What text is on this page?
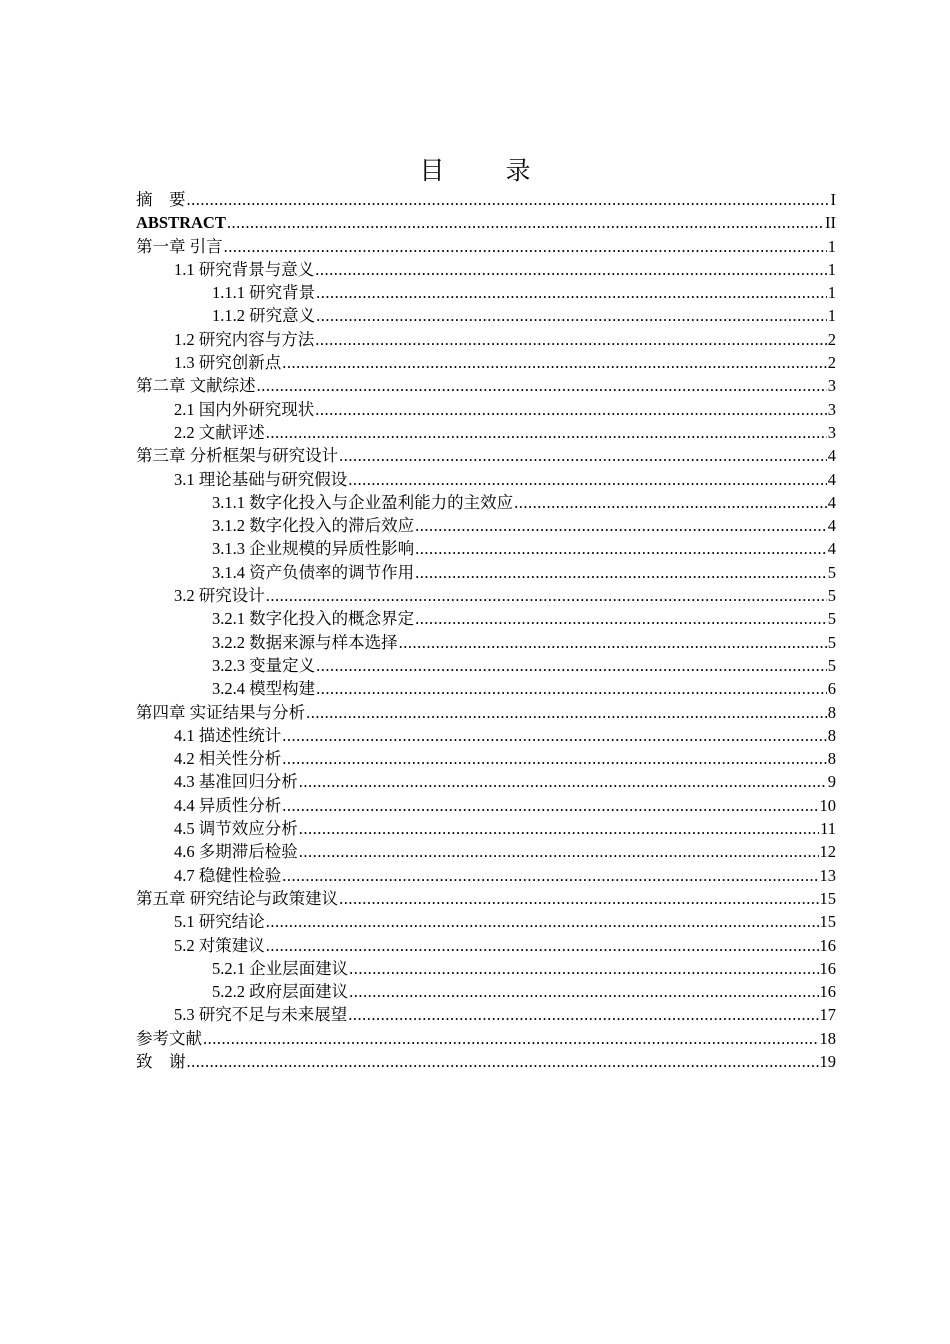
目　录
摘　要 .....	I
ABSTRACT .....	II
第一章 引言 .....	1
1.1 研究背景与意义 .....	1
1.1.1 研究背景 .....	1
1.1.2 研究意义 .....	1
1.2 研究内容与方法 .....	2
1.3 研究创新点 .....	2
第二章 文献综述 .....	3
2.1 国内外研究现状 .....	3
2.2 文献评述 .....	3
第三章 分析框架与研究设计 .....	4
3.1 理论基础与研究假设 .....	4
3.1.1 数字化投入与企业盈利能力的主效应 .....	4
3.1.2 数字化投入的滞后效应 .....	4
3.1.3 企业规模的异质性影响 .....	4
3.1.4 资产负债率的调节作用 .....	5
3.2 研究设计 .....	5
3.2.1 数字化投入的概念界定 .....	5
3.2.2 数据来源与样本选择 .....	5
3.2.3 变量定义 .....	5
3.2.4 模型构建 .....	6
第四章 实证结果与分析 .....	8
4.1 描述性统计 .....	8
4.2 相关性分析 .....	8
4.3 基准回归分析 .....	9
4.4 异质性分析 .....	10
4.5 调节效应分析 .....	11
4.6 多期滞后检验 .....	12
4.7 稳健性检验 .....	13
第五章 研究结论与政策建议 .....	15
5.1 研究结论 .....	15
5.2 对策建议 .....	16
5.2.1 企业层面建议 .....	16
5.2.2 政府层面建议 .....	16
5.3 研究不足与未来展望 .....	17
参考文献 .....	18
致　谢 .....	19
